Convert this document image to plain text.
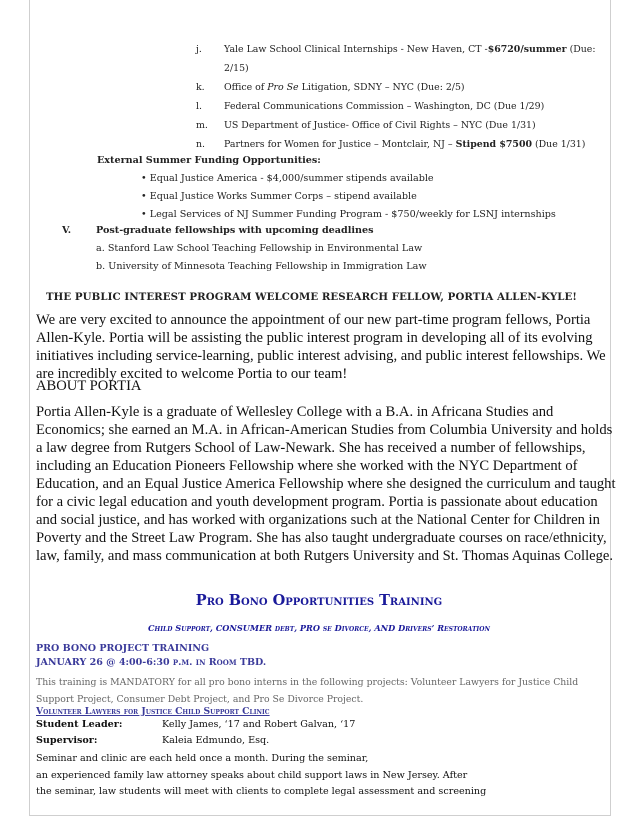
j.	Yale Law School Clinical Internships - New Haven, CT -$6720/summer (Due:
2/15)
k.	Office of Pro Se Litigation, SDNY – NYC (Due: 2/5)
l.	Federal Communications Commission – Washington, DC (Due 1/29)
m.	US Department of Justice- Office of Civil Rights – NYC (Due 1/31)
n.	Partners for Women for Justice – Montclair, NJ – Stipend $7500 (Due 1/31)
External Summer Funding Opportunities:
• Equal Justice America - $4,000/summer stipends available
• Equal Justice Works Summer Corps – stipend available
• Legal Services of NJ Summer Funding Program - $750/weekly for LSNJ internships
V.	Post-graduate fellowships with upcoming deadlines
a. Stanford Law School Teaching Fellowship in Environmental Law
b. University of Minnesota Teaching Fellowship in Immigration Law
THE PUBLIC INTEREST PROGRAM WELCOME RESEARCH FELLOW, PORTIA ALLEN-KYLE!
We are very excited to announce the appointment of our new part-time program fellows, Portia Allen-Kyle. Portia will be assisting the public interest program in developing all of its evolving initiatives including service-learning, public interest advising, and public interest fellowships. We are incredibly excited to welcome Portia to our team!
ABOUT PORTIA
Portia Allen-Kyle is a graduate of Wellesley College with a B.A. in Africana Studies and Economics; she earned an M.A. in African-American Studies from Columbia University and holds a law degree from Rutgers School of Law-Newark. She has received a number of fellowships, including an Education Pioneers Fellowship where she worked with the NYC Department of Education, and an Equal Justice America Fellowship where she designed the curriculum and taught for a civic legal education and youth development program. Portia is passionate about education and social justice, and has worked with organizations such at the National Center for Children in Poverty and the Street Law Program. She has also taught undergraduate courses on race/ethnicity, law, family, and mass communication at both Rutgers University and St. Thomas Aquinas College.
Pro Bono Opportunities Training
Child Support, CONSUMER debt, PRO se Divorce, AND Drivers’ Restoration
PRO BONO PROJECT TRAINING
JANUARY 26 @ 4:00-6:30 p.m. in Room TBD.
This training is MANDATORY for all pro bono interns in the following projects: Volunteer Lawyers for Justice Child Support Project, Consumer Debt Project, and Pro Se Divorce Project.
Volunteer Lawyers for Justice Child Support Clinic
Student Leader:	Kelly James, ‘17 and Robert Galvan, ‘17
Supervisor:	Kaleia Edmundo, Esq.
Seminar and clinic are each held once a month. During the seminar,
an experienced family law attorney speaks about child support laws in New Jersey. After
the seminar, law students will meet with clients to complete legal assessment and screening
